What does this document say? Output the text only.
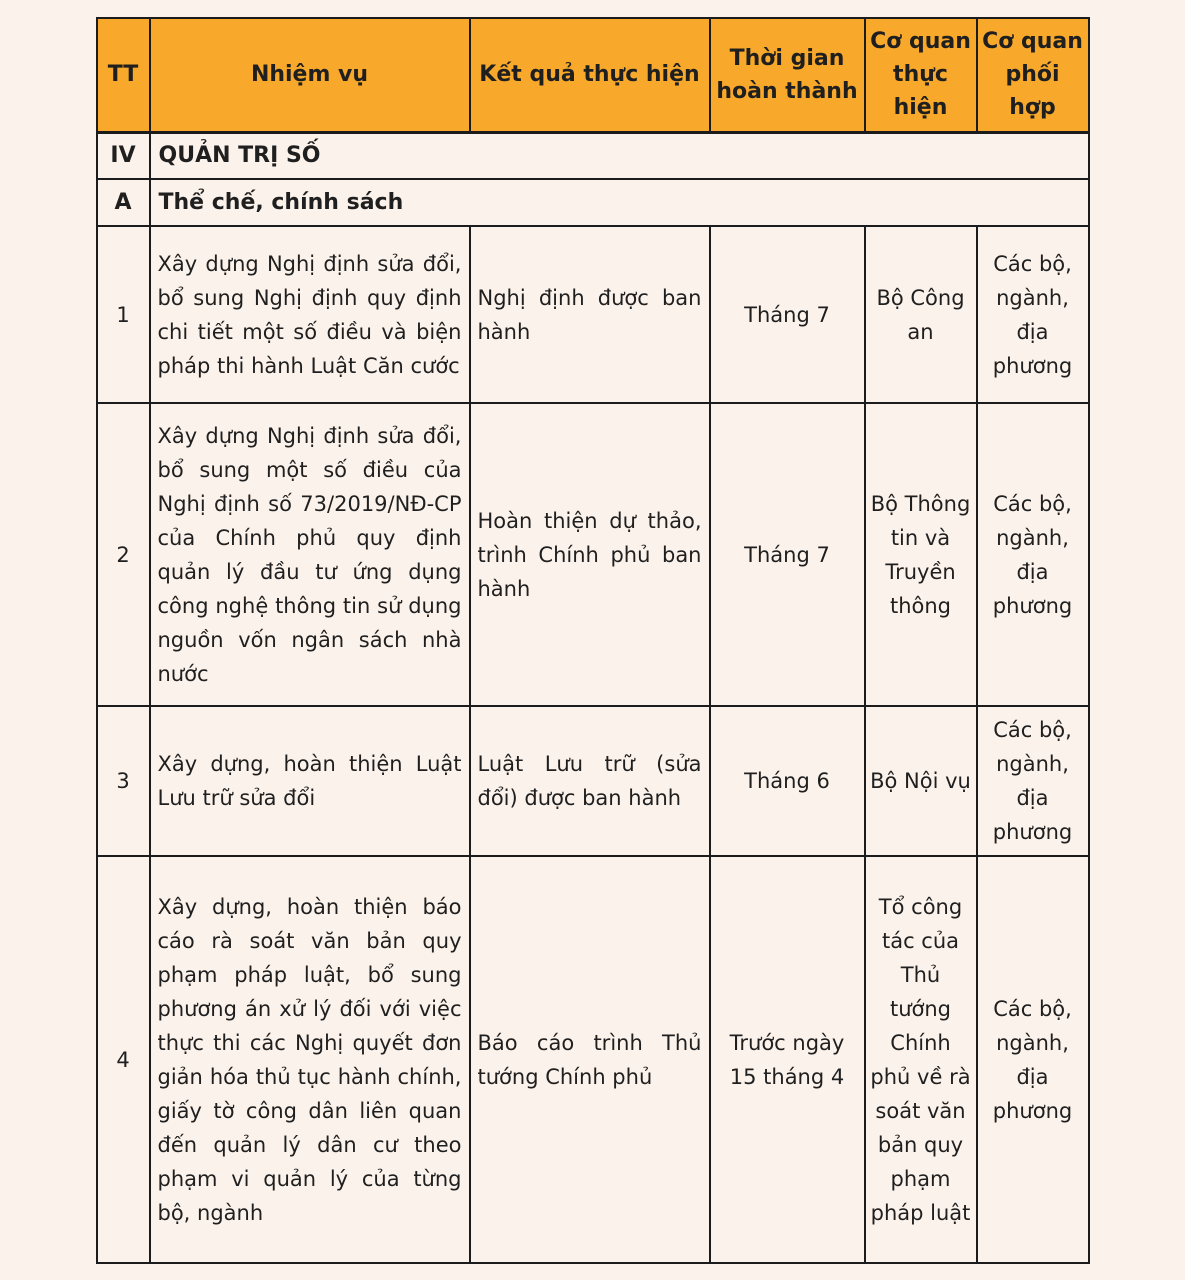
TT	Nhiệm vụ	Kết quả thực hiện	Thời gian hoàn thành	Cơ quan thực hiện	Cơ quan phối hợp
IV	QUẢN TRỊ SỐ				
A	Thể chế, chính sách				
1	Xây dựng Nghị định sửa đổi, bổ sung Nghị định quy định chi tiết một số điều và biện pháp thi hành Luật Căn cước	Nghị định được ban hành	Tháng 7	Bộ Công an	Các bộ, ngành, địa phương
2	Xây dựng Nghị định sửa đổi, bổ sung một số điều của Nghị định số 73/2019/NĐ-CP của Chính phủ quy định quản lý đầu tư ứng dụng công nghệ thông tin sử dụng nguồn vốn ngân sách nhà nước	Hoàn thiện dự thảo, trình Chính phủ ban hành	Tháng 7	Bộ Thông tin và Truyền thông	Các bộ, ngành, địa phương
3	Xây dựng, hoàn thiện Luật Lưu trữ sửa đổi	Luật Lưu trữ (sửa đổi) được ban hành	Tháng 6	Bộ Nội vụ	Các bộ, ngành, địa phương
4	Xây dựng, hoàn thiện báo cáo rà soát văn bản quy phạm pháp luật, bổ sung phương án xử lý đối với việc thực thi các Nghị quyết đơn giản hóa thủ tục hành chính, giấy tờ công dân liên quan đến quản lý dân cư theo phạm vi quản lý của từng bộ, ngành	Báo cáo trình Thủ tướng Chính phủ	Trước ngày 15 tháng 4	Tổ công tác của Thủ tướng Chính phủ về rà soát văn bản quy phạm pháp luật	Các bộ, ngành, địa phương
